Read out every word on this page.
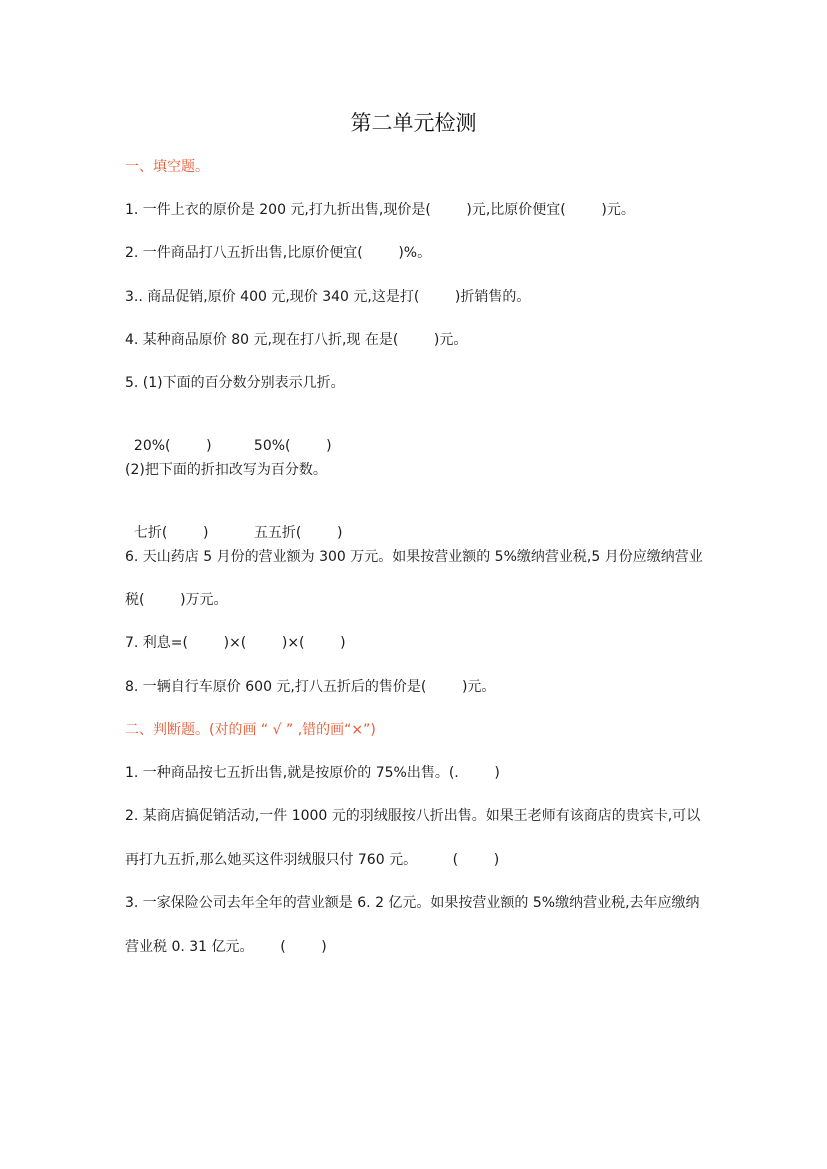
第二单元检测
一、填空题。
1. 一件上衣的原价是 200 元,打九折出售,现价是(        )元,比原价便宜(        )元。
2. 一件商品打八五折出售,比原价便宜(        )%。
3.. 商品促销,原价 400 元,现价 340 元,这是打(        )折销售的。
4. 某种商品原价 80 元,现在打八折,现 在是(        )元。
5. (1)下面的百分数分别表示几折。

20%(        )	50%(        )

(2)把下面的折扣改写为百分数。

七折(        )	五五折(        )

6. 天山药店 5 月份的营业额为 300 万元。如果按营业额的 5%缴纳营业税,5 月份应缴纳营业
税(        )万元。
7. 利息=(        )×(        )×(        )
8. 一辆自行车原价 600 元,打八五折后的售价是(        )元。
二、判断题。(对的画 “ √ ” ,错的画“×”)
1. 一种商品按七五折出售,就是按原价的 75%出售。(.        )
2. 某商店搞促销活动,一件 1000 元的羽绒服按八折出售。如果王老师有该商店的贵宾卡,可以
再打九五折,那么她买这件羽绒服只付 760 元。        (        )
3. 一家保险公司去年全年的营业额是 6. 2 亿元。如果按营业额的 5%缴纳营业税,去年应缴纳
营业税 0. 31 亿元。      (        )
